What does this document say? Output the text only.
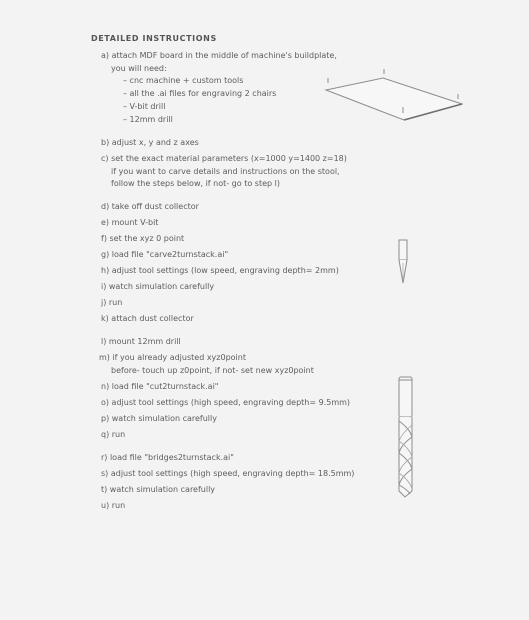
DETAILED INSTRUCTIONS
a) attach MDF board in the middle of machine's buildplate,
you will need:
– cnc machine + custom tools
– all the .ai files for engraving 2 chairs
– V-bit drill
– 12mm drill
b) adjust x, y and z axes
c) set the exact material parameters (x=1000 y=1400 z=18)
if you want to carve details and instructions on the stool,
follow the steps below, if not- go to step l)
d) take off dust collector
e) mount V-bit
f) set the xyz 0 point
g) load file "carve2turnstack.ai"
h) adjust tool settings (low speed, engraving depth= 2mm)
i) watch simulation carefully
j) run
k) attach dust collector
l) mount 12mm drill
m) if you already adjusted xyz0point
before- touch up z0point, if not- set new xyz0point
n) load file "cut2turnstack.ai"
o) adjust tool settings (high speed, engraving depth= 9.5mm)
p) watch simulation carefully
q) run
r) load file "bridges2turnstack.ai"
s) adjust tool settings (high speed, engraving depth= 18.5mm)
t) watch simulation carefully
u) run
